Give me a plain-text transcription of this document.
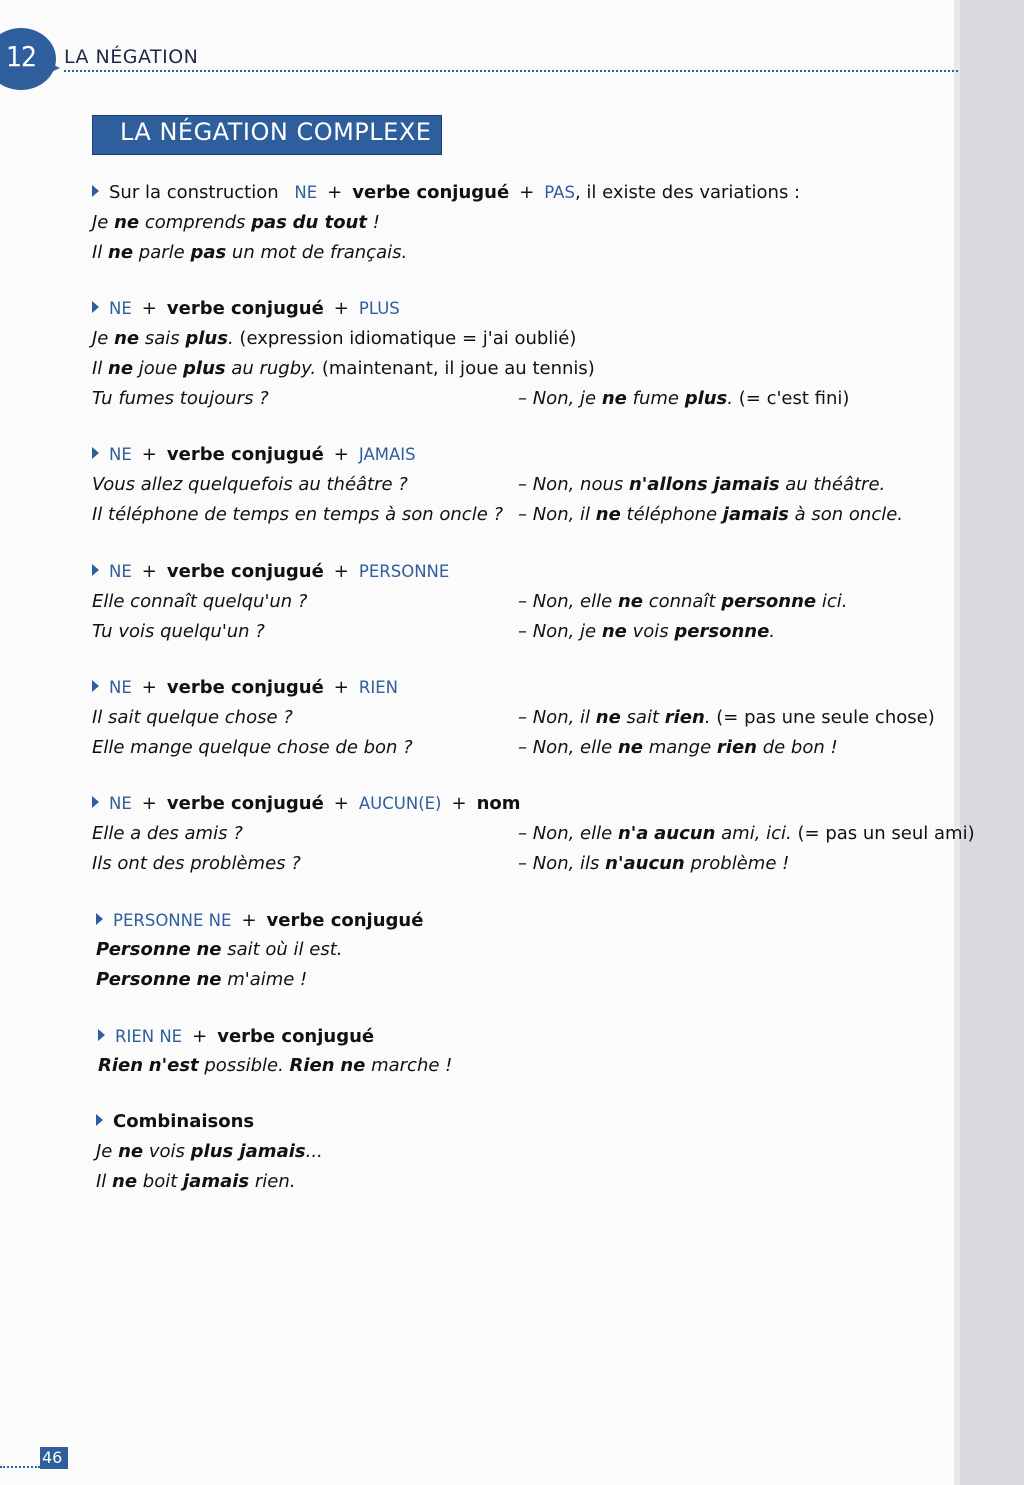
12 LA NÉGATION
LA NÉGATION COMPLEXE
Sur la construction NE + verbe conjugué + PAS, il existe des variations :
Je ne comprends pas du tout !
Il ne parle pas un mot de français.
NE + verbe conjugué + PLUS
Je ne sais plus. (expression idiomatique = j'ai oublié)
Il ne joue plus au rugby. (maintenant, il joue au tennis)
Tu fumes toujours ?	– Non, je ne fume plus. (= c'est fini)
NE + verbe conjugué + JAMAIS
Vous allez quelquefois au théâtre ?	– Non, nous n'allons jamais au théâtre.
Il téléphone de temps en temps à son oncle ? – Non, il ne téléphone jamais à son oncle.
NE + verbe conjugué + PERSONNE
Elle connaît quelqu'un ?	– Non, elle ne connaît personne ici.
Tu vois quelqu'un ?	– Non, je ne vois personne.
NE + verbe conjugué + RIEN
Il sait quelque chose ?	– Non, il ne sait rien. (= pas une seule chose)
Elle mange quelque chose de bon ?	– Non, elle ne mange rien de bon !
NE + verbe conjugué + AUCUN(E) + nom
Elle a des amis ?	– Non, elle n'a aucun ami, ici. (= pas un seul ami)
Ils ont des problèmes ?	– Non, ils n'aucun problème !
PERSONNE NE + verbe conjugué
Personne ne sait où il est.
Personne ne m'aime !
RIEN NE + verbe conjugué
Rien n'est possible. Rien ne marche !
Combinaisons
Je ne vois plus jamais...
Il ne boit jamais rien.
46
